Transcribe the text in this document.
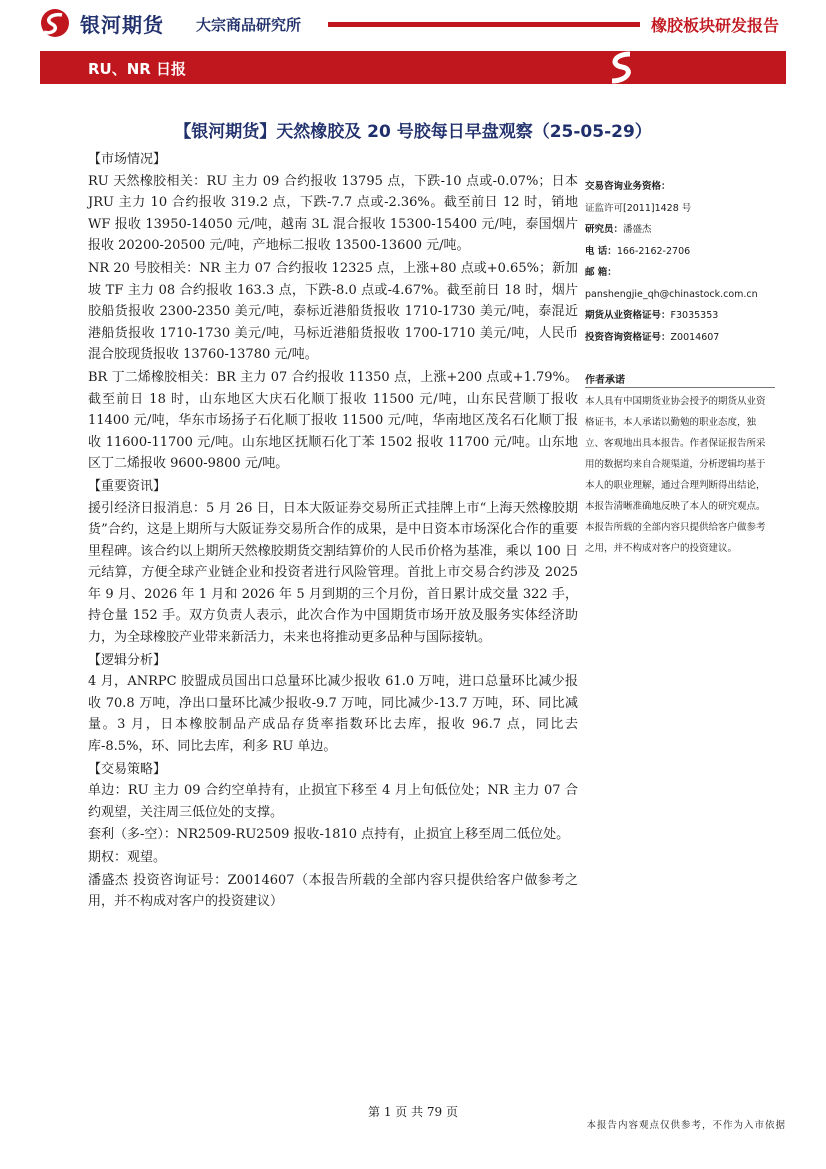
银河期货 大宗商品研究所	橡胶板块研发报告
RU、NR 日报
【银河期货】天然橡胶及 20 号胶每日早盘观察（25-05-29）
【市场情况】

RU 天然橡胶相关：RU 主力 09 合约报收 13795 点，下跌-10 点或-0.07%；日本 JRU 主力 10 合约报收 319.2 点，下跌-7.7 点或-2.36%。截至前日 12 时，销地 WF 报收 13950-14050 元/吨，越南 3L 混合报收 15300-15400 元/吨，泰国烟片报收 20200-20500 元/吨，产地标二报收 13500-13600 元/吨。

NR 20 号胶相关：NR 主力 07 合约报收 12325 点，上涨+80 点或+0.65%；新加坡 TF 主力 08 合约报收 163.3 点，下跌-8.0 点或-4.67%。截至前日 18 时，烟片胶船货报收 2300-2350 美元/吨，泰标近港船货报收 1710-1730 美元/吨，泰混近港船货报收 1710-1730 美元/吨，马标近港船货报收 1700-1710 美元/吨，人民币混合胶现货报收 13760-13780 元/吨。

BR 丁二烯橡胶相关：BR 主力 07 合约报收 11350 点，上涨+200 点或+1.79%。截至前日 18 时，山东地区大庆石化顺丁报收 11500 元/吨，山东民营顺丁报收 11400 元/吨，华东市场扬子石化顺丁报收 11500 元/吨，华南地区茂名石化顺丁报收 11600-11700 元/吨。山东地区抚顺石化丁苯 1502 报收 11700 元/吨。山东地区丁二烯报收 9600-9800 元/吨。

【重要资讯】

援引经济日报消息：5 月 26 日，日本大阪证券交易所正式挂牌上市“上海天然橡胶期货”合约，这是上期所与大阪证券交易所合作的成果，是中日资本市场深化合作的重要里程碑。该合约以上期所天然橡胶期货交割结算价的人民币价格为基准，乘以 100 日元结算，方便全球产业链企业和投资者进行风险管理。首批上市交易合约涉及 2025 年 9 月、2026 年 1 月和 2026 年 5 月到期的三个月份，首日累计成交量 322 手，持仓量 152 手。双方负责人表示，此次合作为中国期货市场开放及服务实体经济助力，为全球橡胶产业带来新活力，未来也将推动更多品种与国际接轨。

【逻辑分析】

4 月，ANRPC 胶盟成员国出口总量环比减少报收 61.0 万吨，进口总量环比减少报收 70.8 万吨，净出口量环比减少报收-9.7 万吨，同比减少-13.7 万吨，环、同比减量。3 月，日本橡胶制品产成品存货率指数环比去库，报收 96.7 点，同比去库-8.5%，环、同比去库，利多 RU 单边。

【交易策略】

单边：RU 主力 09 合约空单持有，止损宜下移至 4 月上旬低位处；NR 主力 07 合约观望，关注周三低位处的支撑。

套利（多-空）：NR2509-RU2509 报收-1810 点持有，止损宜上移至周二低位处。

期权：观望。

潘盛杰 投资咨询证号：Z0014607（本报告所载的全部内容只提供给客户做参考之用，并不构成对客户的投资建议）

交易咨询业务资格：
证监许可[2011]1428 号
研究员：潘盛杰
电 话：166-2162-2706
邮 箱：
panshengjie_qh@chinastock.com.cn
期货从业资格证号：F3035353
投资咨询资格证号：Z0014607
作者承诺
本人具有中国期货业协会授予的期货从业资格证书，本人承诺以勤勉的职业态度，独立、客观地出具本报告。作者保证报告所采用的数据均来自合规渠道，分析逻辑均基于本人的职业理解，通过合理判断得出结论，本报告清晰准确地反映了本人的研究观点。本报告所载的全部内容只提供给客户做参考之用，并不构成对客户的投资建议。
第 1 页 共 79 页
本报告内容观点仅供参考，不作为入市依据
